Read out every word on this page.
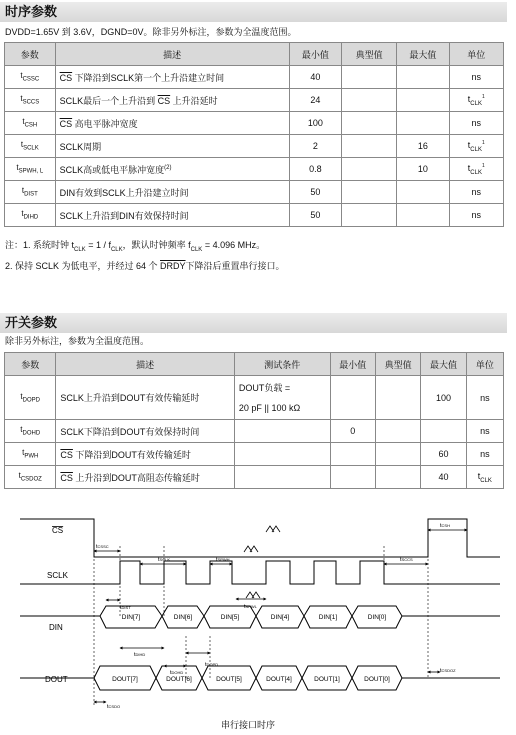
时序参数
DVDD=1.65V 到 3.6V，DGND=0V。除非另外标注，参数为全温度范围。
参数	描述	最小值	典型值	最大值	单位
$t_{CSSC}$	$\overline{CS}$ 下降沿到SCLK第一个上升沿建立时间	40			ns
$t_{SCCS}$	SCLK最后一个上升沿到 $\overline{CS}$ 上升沿延时	24			$t_{CLK}^1$
$t_{CSH}$	$\overline{CS}$ 高电平脉冲宽度	100			ns
$t_{SCLK}$	SCLK周期	2		16	$t_{CLK}^1$
$t_{SPWH, L}$	SCLK高或低电平脉冲宽度$^{(2)}$	0.8		10	$t_{CLK}^1$
$t_{DIST}$	DIN有效到SCLK上升沿建立时间	50			ns
$t_{DIHD}$	SCLK上升沿到DIN有效保持时间	50			ns
注：1. 系统时钟 $t_{CLK} = 1 / f_{CLK}$，默认时钟频率 $f_{CLK} = 4.096$ MHz。
2. 保持 SCLK 为低电平，并经过 64 个 DRDY下降沿后重置串行接口。
开关参数
除非另外标注，参数为全温度范围。
参数	描述	测试条件	最小值	典型值	最大值	单位
$t_{DOPD}$	SCLK上升沿到DOUT有效传输延时	DOUT负载 =
20 pF || 100 kΩ			100	ns
$t_{DOHD}$	SCLK下降沿到DOUT有效保持时间		0			ns
$t_{PWH}$	$\overline{CS}$ 下降沿到DOUT有效传输延时				60	ns
$t_{CSDOZ}$	$\overline{CS}$ 上升沿到DOUT高阻态传输延时				40	$t_{CLK}$
CS
SCLK
DIN
DOUT
DIN[7]	DIN[6]	DIN[5]	DIN[4]	DIN[1]	DIN[0]
DOUT[7]	DOUT[6]	DOUT[5]	DOUT[4]	DOUT[1]	DOUT[0]
tCSSC
tSCLK	tSPWH
tSPWL
tSCCS
tCSH
tDIST
tDIHD
tDOPD
tDOHD	tCSDOZ
tCSDO
串行接口时序
